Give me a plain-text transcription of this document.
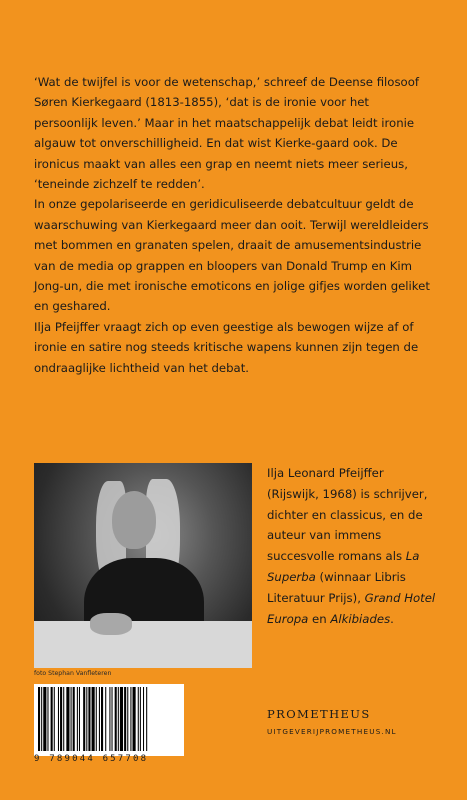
‘Wat de twijfel is voor de wetenschap,’ schreef de Deense filosoof Søren Kierkegaard (1813-1855), ‘dat is de ironie voor het persoonlijk leven.’ Maar in het maatschappelijk debat leidt ironie algauw tot onverschilligheid. En dat wist Kierke-gaard ook. De ironicus maakt van alles een grap en neemt niets meer serieus, ‘teneinde zichzelf te redden’.

In onze gepolariseerde en geridiculiseerde debatcultuur geldt de waarschuwing van Kierkegaard meer dan ooit. Terwijl wereldleiders met bommen en granaten spelen, draait de amusementsindustrie van de media op grappen en bloopers van Donald Trump en Kim Jong-un, die met ironische emoticons en jolige gifjes worden geliket en geshared.

Ilja Pfeijffer vraagt zich op even geestige als bewogen wijze af of ironie en satire nog steeds kritische wapens kunnen zijn tegen de ondraaglijke lichtheid van het debat.

foto Stephan Vanfleteren

Ilja Leonard Pfeijffer (Rijswijk, 1968) is schrijver, dichter en classicus, en de auteur van immens succesvolle romans als La Superba (winnaar Libris Literatuur Prijs), Grand Hotel Europa en Alkibiades.

9 789044 657708
PROMETHEUS
UITGEVERIJPROMETHEUS.NL
